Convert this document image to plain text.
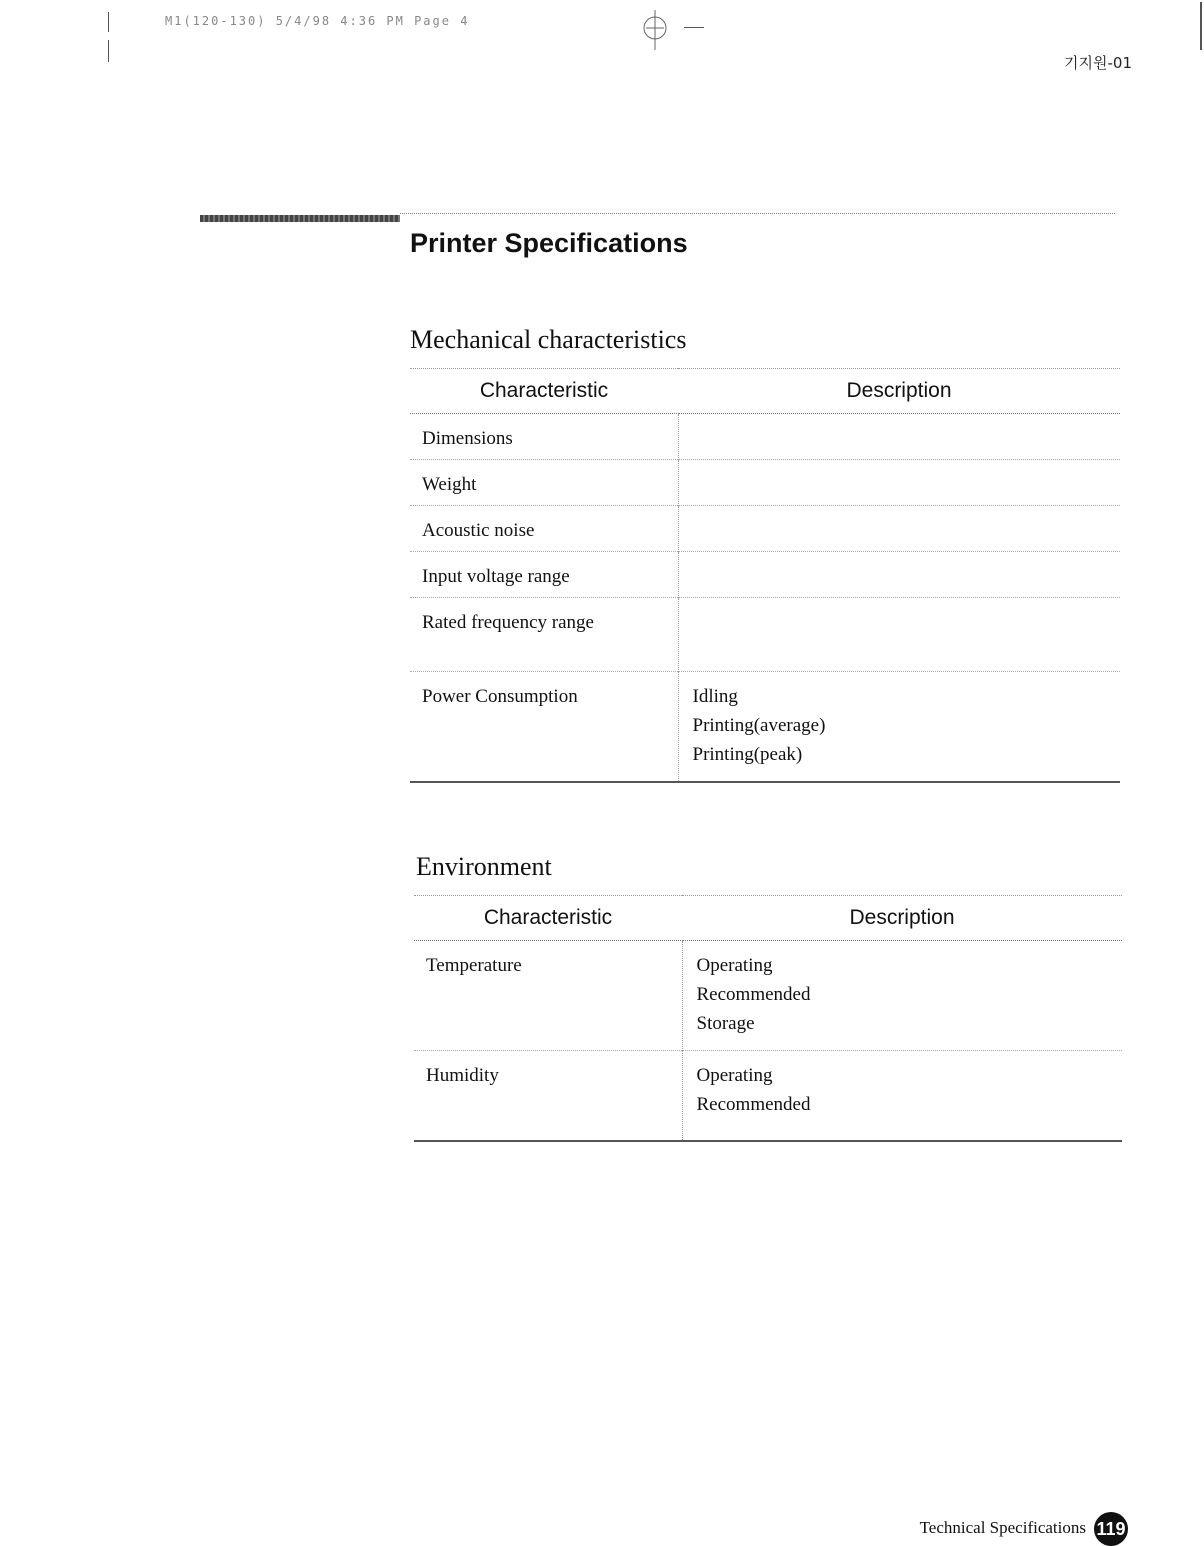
M1(120-130) 5/4/98 4:36 PM Page 4
기지원-01
Printer Specifications
Mechanical characteristics
Characteristic	Description
Dimensions	
Weight	
Acoustic noise	
Input voltage range	
Rated frequency range	
Power Consumption	Idling
Printing(average)
Printing(peak)
Environment
Characteristic	Description
Temperature	Operating
Recommended
Storage

Humidity	Operating
Recommended
Technical Specifications 119
